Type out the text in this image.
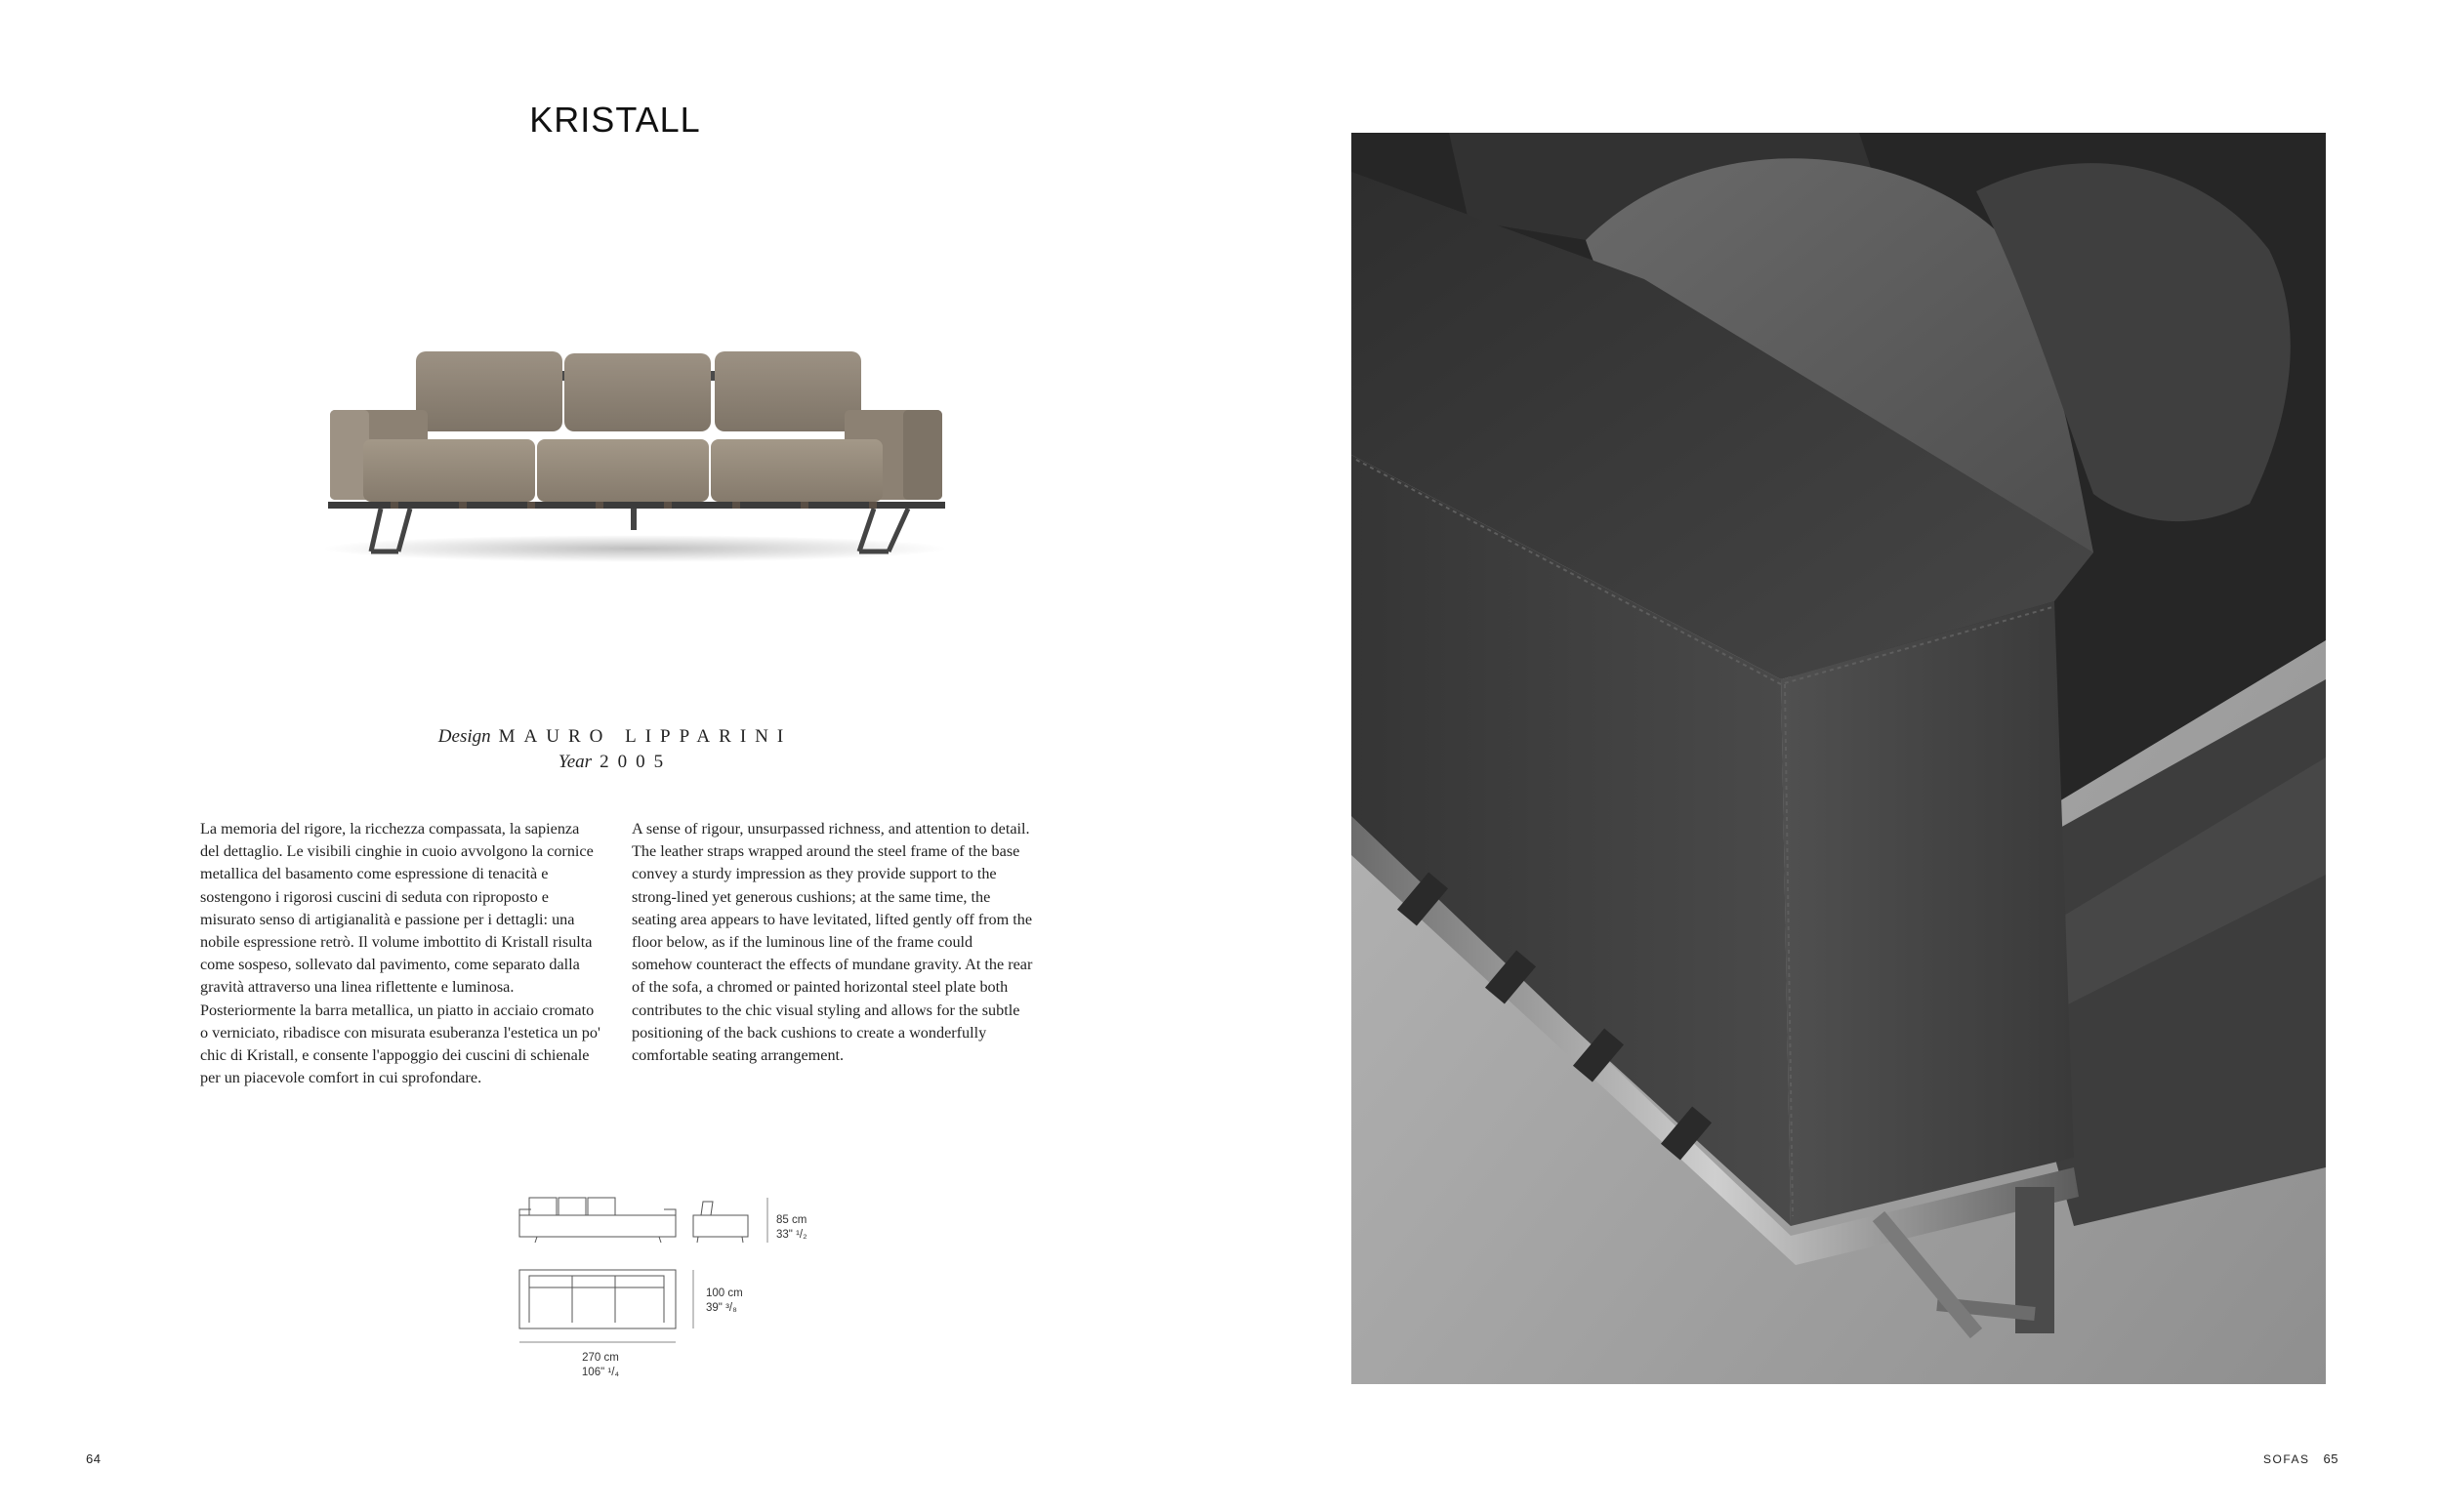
KRISTALL
Design MAURO LIPPARINI
Year 2005

La memoria del rigore, la ricchezza compassata, la sapienza del dettaglio. Le visibili cinghie in cuoio avvolgono la cornice metallica del basamento come espressione di tenacità e sostengono i rigorosi cuscini di seduta con riproposto e misurato senso di artigianalità e passione per i dettagli: una nobile espressione retrò. Il volume imbottito di Kristall risulta come sospeso, sollevato dal pavimento, come separato dalla gravità attraverso una linea riflettente e luminosa. Posteriormente la barra metallica, un piatto in acciaio cromato o verniciato, ribadisce con misurata esuberanza l'estetica un po' chic di Kristall, e consente l'appoggio dei cuscini di schienale per un piacevole comfort in cui sprofondare.

A sense of rigour, unsurpassed richness, and attention to detail. The leather straps wrapped around the steel frame of the base convey a sturdy impression as they provide support to the strong-lined yet generous cushions; at the same time, the seating area appears to have levitated, lifted gently off from the floor below, as if the luminous line of the frame could somehow counteract the effects of mundane gravity. At the rear of the sofa, a chromed or painted horizontal steel plate both contributes to the chic visual styling and allows for the subtle positioning of the back cushions to create a wonderfully comfortable seating arrangement.

85 cm
33" ¹/₂
100 cm
39" ³/₈
270 cm
106" ¹/₄
64	SOFAS 65
